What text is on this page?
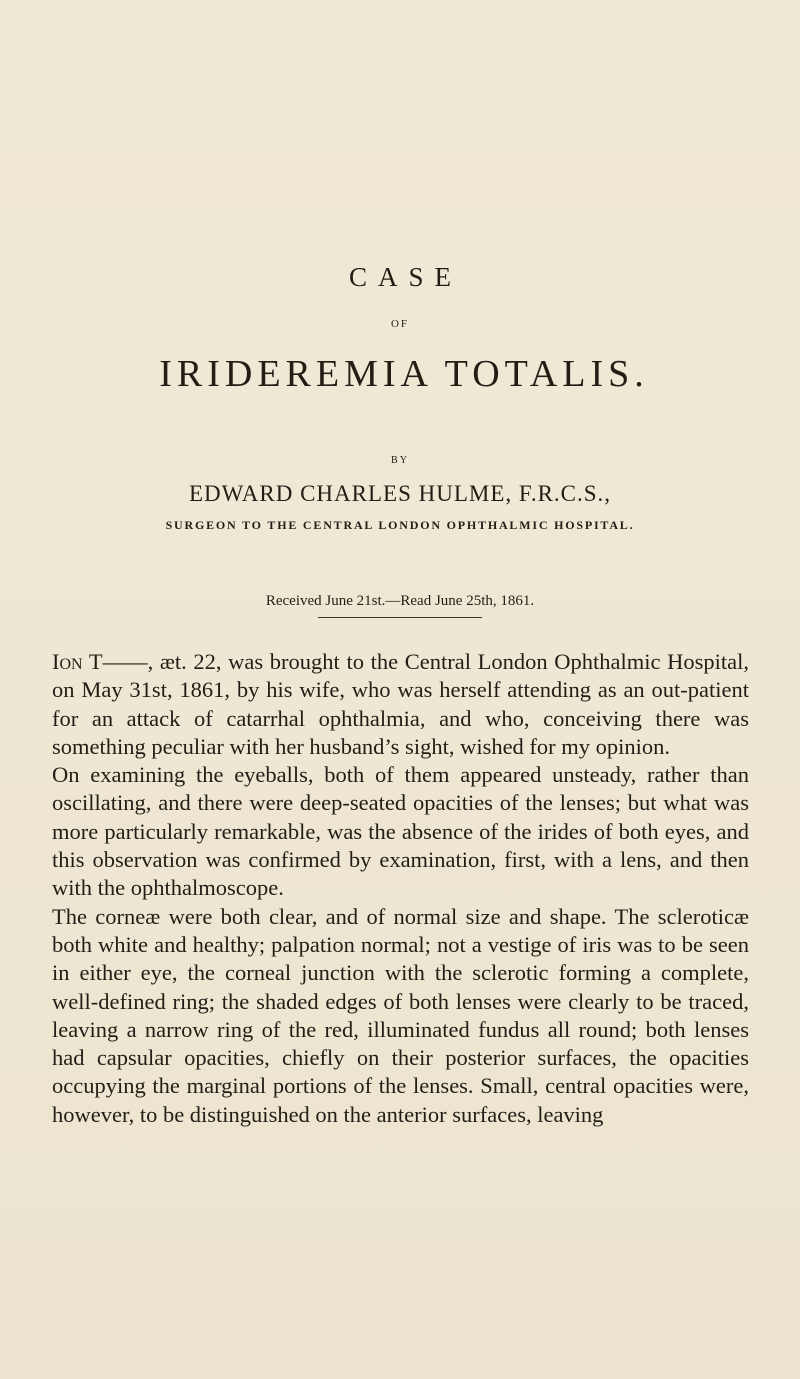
CASE
OF
IRIDEREMIA TOTALIS.
BY
EDWARD CHARLES HULME, F.R.C.S.,
SURGEON TO THE CENTRAL LONDON OPHTHALMIC HOSPITAL.
Received June 21st.—Read June 25th, 1861.

Ion T——, æt. 22, was brought to the Central London Ophthalmic Hospital, on May 31st, 1861, by his wife, who was herself attending as an out-patient for an attack of catarrhal ophthalmia, and who, conceiving there was something peculiar with her husband’s sight, wished for my opinion.

On examining the eyeballs, both of them appeared unsteady, rather than oscillating, and there were deep-seated opacities of the lenses; but what was more particularly remarkable, was the absence of the irides of both eyes, and this observation was confirmed by examination, first, with a lens, and then with the ophthalmoscope.

The corneæ were both clear, and of normal size and shape. The scleroticæ both white and healthy; palpation normal; not a vestige of iris was to be seen in either eye, the corneal junction with the sclerotic forming a complete, well-defined ring; the shaded edges of both lenses were clearly to be traced, leaving a narrow ring of the red, illuminated fundus all round; both lenses had capsular opacities, chiefly on their posterior surfaces, the opacities occupying the marginal portions of the lenses. Small, central opacities were, however, to be distinguished on the anterior surfaces, leaving
